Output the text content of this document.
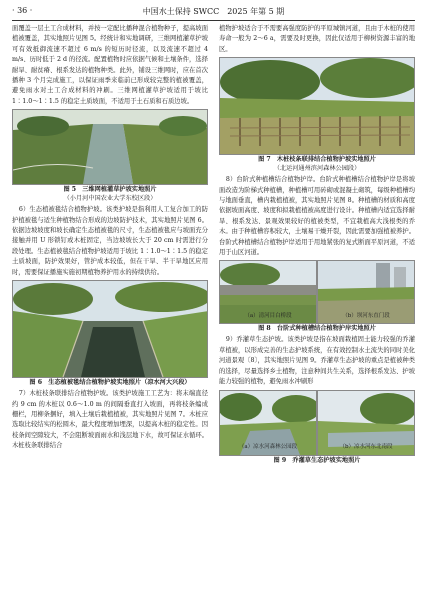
· 36 ·	中国水土保持 SWCC　2025 年第 5 期

面覆盖一层土工合成材料，并按一定配比播种混合植物种子，提高坡面植被覆盖，其实地照片见图 5。经统计和实地调研，三维网植灌草护坡可有效抵御流速不超过 6 m/s 的短历时径流，以及流速不超过 4 m/s、历时低于 2 d 的径流。配置植物时应依据气候和土壤条件，选择耐旱、耐贫瘠、根系发达的植物种类。此外，铺设三维网时，应在首次播种 3 个月完成施工，以保证雨季来临前已形成较完整的植被覆盖，避免雨水对土工合成材料的冲刷。三维网植灌草护坡适用于坡比 1∶1.0～1∶1.5 的稳定土质坡面，不适用于土石质和石质边坡。

图 5　三维网植灌草护坡实地照片
（小月河中国农业大学东校区段）

6）生态植被毯结合植物护坡。该类护坡是指利用人工复合加工的防护植被毯与适生种植物结合形成的边坡防护技术，其实地照片见图 6。依据边坡坡度和坡长确定生态植被毯的尺寸，生态植被毯应与坡面充分接触并用 U 形锁钉或木桩固定，当边坡坡长大于 20 cm 时需进行分段处理。生态植被毯结合植物护坡适用于坡比 1∶1.0～1∶1.5 的稳定土质坡面，防护效果好，管护成本较低，但在干旱、半干旱地区应用时，需要保证播施实施初期植物养护用水的持续供给。

图 6　生态植被毯结合植物护坡实地照片（凉水河大兴段）

7）木桩枝条联排结合植物护坡。该类护坡施工工艺为：将末端直径约 9 cm 的木桩以 0.6～1.0 m 的间隔垂直打入坡面，再将枝条编成栅栏，用柳条捆好，填入土壤后栽植植被，其实地照片见图 7。木桩应选取比较结实的松圆木，最大程度增加埋深，以提高木桩的稳定性。因枝条间空隙较大，不会阻断坡面雨水和浅层地下水，故可保证水循环。木桩枝条联排结合

植物护坡适合于不需要高强度防护的平原城镇河道，且由于木桩的使用寿命一般为 2～6 a，需要及时更换，因此仅适用于柳树资源丰富的地区。

图 7　木桩枝条联排结合植物护坡实地照片
（北运河通州滨河森林公园段）

8）台阶式种植槽结合植物护岸。台阶式种植槽结合植物护岸是将坡面改造为阶梯式种植槽，种植槽可用砖砌或混凝土砌筑，每级种植槽均与地面垂直，槽内栽植植被，其实地照片见图 8。种植槽的材质和高度依据坡面高度、坡度和拟栽植植被高度进行设计。种植槽内适宜选择耐旱、根系发达、景观效果较好的植被类型，不宜栽植高大浅根类的乔木。由于种植槽容积较大，土壤易干燥开裂，因此需要加强植被养护。台阶式种植槽结合植物护岸适用于用地紧张的复式断面平原河道，不适用于山区河道。

（a）清河目白桥段	（b）坝河东直门段
图 8　台阶式种植槽结合植物护岸实地照片

9）乔灌草生态护坡。该类护坡是指在坡面栽植固土能力较强的乔灌草植被，以形成完善的生态护坡系统，在有效控制水土流失的同时美化河道景观〔8〕，其实地照片见图 9。乔灌草生态护坡的重点是植被种类的选择，尽量选择乡土植物，注意种间共生关系，选择根系发达、护坡能力较强的植物，避免雨水冲刷形

（a）凉水河森林公园段	（b）凉水河东北南段
图 9　乔灌草生态护坡实地照片
